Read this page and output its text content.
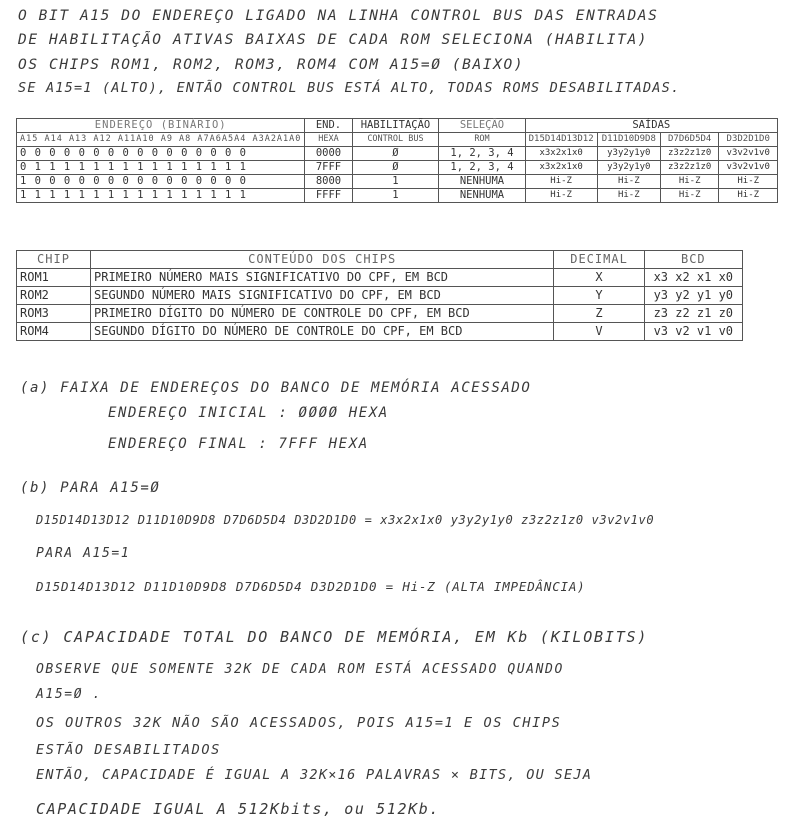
O BIT A15 DO ENDEREÇO LIGADO NA LINHA CONTROL BUS DAS ENTRADAS
DE HABILITAÇÃO ATIVAS BAIXAS DE CADA ROM SELECIONA (HABILITA)
OS CHIPS ROM1, ROM2, ROM3, ROM4 COM A15=Ø (BAIXO)
SE A15=1 (ALTO), ENTÃO CONTROL BUS ESTÁ ALTO, TODAS ROMS DESABILITADAS.
ENDEREÇO (BINÁRIO)	END.	HABILITAÇÃO	SELEÇÃO	SAÍDAS			
A15 A14 A13 A12 A11A10 A9 A8 A7A6A5A4 A3A2A1A0	HEXA	CONTROL BUS	ROM	D15D14D13D12	D11D10D9D8	D7D6D5D4	D3D2D1D0
0 0 0 0 0 0 0 0 0 0 0 0 0 0 0 0	0000	Ø	1, 2, 3, 4	x3x2x1x0	y3y2y1y0	z3z2z1z0	v3v2v1v0
0 1 1 1 1 1 1 1 1 1 1 1 1 1 1 1	7FFF	Ø	1, 2, 3, 4	x3x2x1x0	y3y2y1y0	z3z2z1z0	v3v2v1v0
1 0 0 0 0 0 0 0 0 0 0 0 0 0 0 0	8000	1	NENHUMA	Hi-Z	Hi-Z	Hi-Z	Hi-Z
1 1 1 1 1 1 1 1 1 1 1 1 1 1 1 1	FFFF	1	NENHUMA	Hi-Z	Hi-Z	Hi-Z	Hi-Z
CHIP	CONTEÚDO DOS CHIPS	DECIMAL	BCD
ROM1	PRIMEIRO NÚMERO MAIS SIGNIFICATIVO DO CPF, EM BCD	X	x3 x2 x1 x0
ROM2	SEGUNDO NÚMERO MAIS SIGNIFICATIVO DO CPF, EM BCD	Y	y3 y2 y1 y0
ROM3	PRIMEIRO DÍGITO DO NÚMERO DE CONTROLE DO CPF, EM BCD	Z	z3 z2 z1 z0
ROM4	SEGUNDO DÍGITO DO NÚMERO DE CONTROLE DO CPF, EM BCD	V	v3 v2 v1 v0
(a) FAIXA DE ENDEREÇOS DO BANCO DE MEMÓRIA ACESSADO
ENDEREÇO INICIAL : ØØØØ HEXA
ENDEREÇO FINAL : 7FFF HEXA
(b) PARA A15=Ø
D15D14D13D12 D11D10D9D8 D7D6D5D4 D3D2D1D0 = x3x2x1x0 y3y2y1y0 z3z2z1z0 v3v2v1v0
PARA A15=1
D15D14D13D12 D11D10D9D8 D7D6D5D4 D3D2D1D0 = Hi-Z (ALTA IMPEDÂNCIA)
(c) CAPACIDADE TOTAL DO BANCO DE MEMÓRIA, EM Kb (KILOBITS)
OBSERVE QUE SOMENTE 32K DE CADA ROM ESTÁ ACESSADO QUANDO
A15=Ø .
OS OUTROS 32K NÃO SÃO ACESSADOS, POIS A15=1 E OS CHIPS
ESTÃO DESABILITADOS
ENTÃO, CAPACIDADE É IGUAL A 32K×16 PALAVRAS × BITS, OU SEJA
CAPACIDADE IGUAL A 512Kbits, ou 512Kb.
